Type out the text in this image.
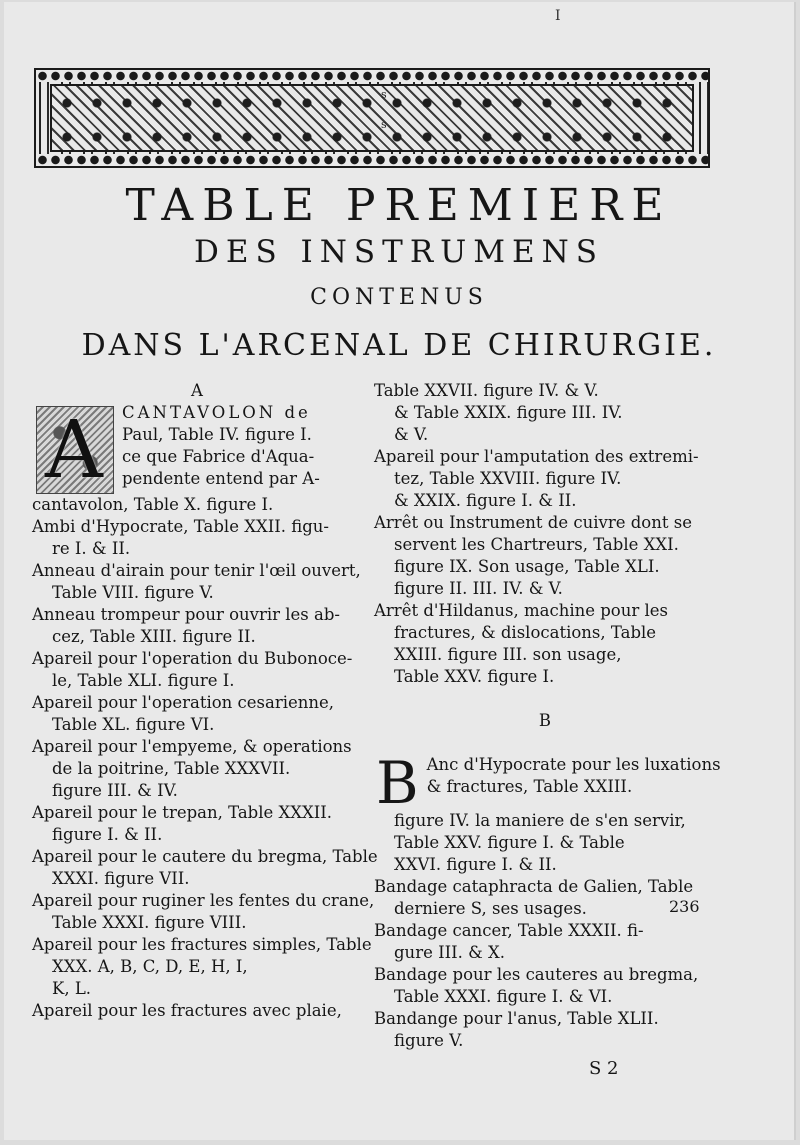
I
s
s
TABLE PREMIERE
DES INSTRUMENS
CONTENUS
DANS L'ARCENAL DE CHIRURGIE.
A
A	CANTAVOLON de
Paul, Table IV. figure I.
ce que Fabrice d'Aqua-
pendente entend par A-
cantavolon, Table X. figure I.
Ambi d'Hypocrate, Table XXII. figu-
re I. & II.
Anneau d'airain pour tenir l'œil ouvert,
Table VIII. figure V.
Anneau trompeur pour ouvrir les ab-
cez, Table XIII. figure II.
Apareil pour l'operation du Bubonoce-
le, Table XLI. figure I.
Apareil pour l'operation cesarienne,
Table XL. figure VI.
Apareil pour l'empyeme, & operations
de la poitrine, Table XXXVII.
figure III. & IV.
Apareil pour le trepan, Table XXXII.
figure I. & II.
Apareil pour le cautere du bregma, Table
XXXI. figure VII.
Apareil pour ruginer les fentes du crane,
Table XXXI. figure VIII.
Apareil pour les fractures simples, Table
XXX. A, B, C, D, E, H, I,
K, L.
Apareil pour les fractures avec plaie,
Table XXVII. figure IV. & V.
& Table XXIX. figure III. IV.
& V.
Apareil pour l'amputation des extremi-
tez, Table XXVIII. figure IV.
& XXIX. figure I. & II.
Arrêt ou Instrument de cuivre dont se
servent les Chartreurs, Table XXI.
figure IX. Son usage, Table XLI.
figure II. III. IV. & V.
Arrêt d'Hildanus, machine pour les
fractures, & dislocations, Table
XXIII. figure III. son usage,
Table XXV. figure I.
B
B Anc d'Hypocrate pour les luxations
& fractures, Table XXIII.
figure IV. la maniere de s'en servir,
Table XXV. figure I. & Table
XXVI. figure I. & II.
Bandage cataphracta de Galien, Table
derniere S, ses usages.
Bandage cancer, Table XXXII. fi-
gure III. & X.
Bandage pour les cauteres au bregma,
Table XXXI. figure I. & VI.
Bandange pour l'anus, Table XLII.
figure V.
236
S 2
